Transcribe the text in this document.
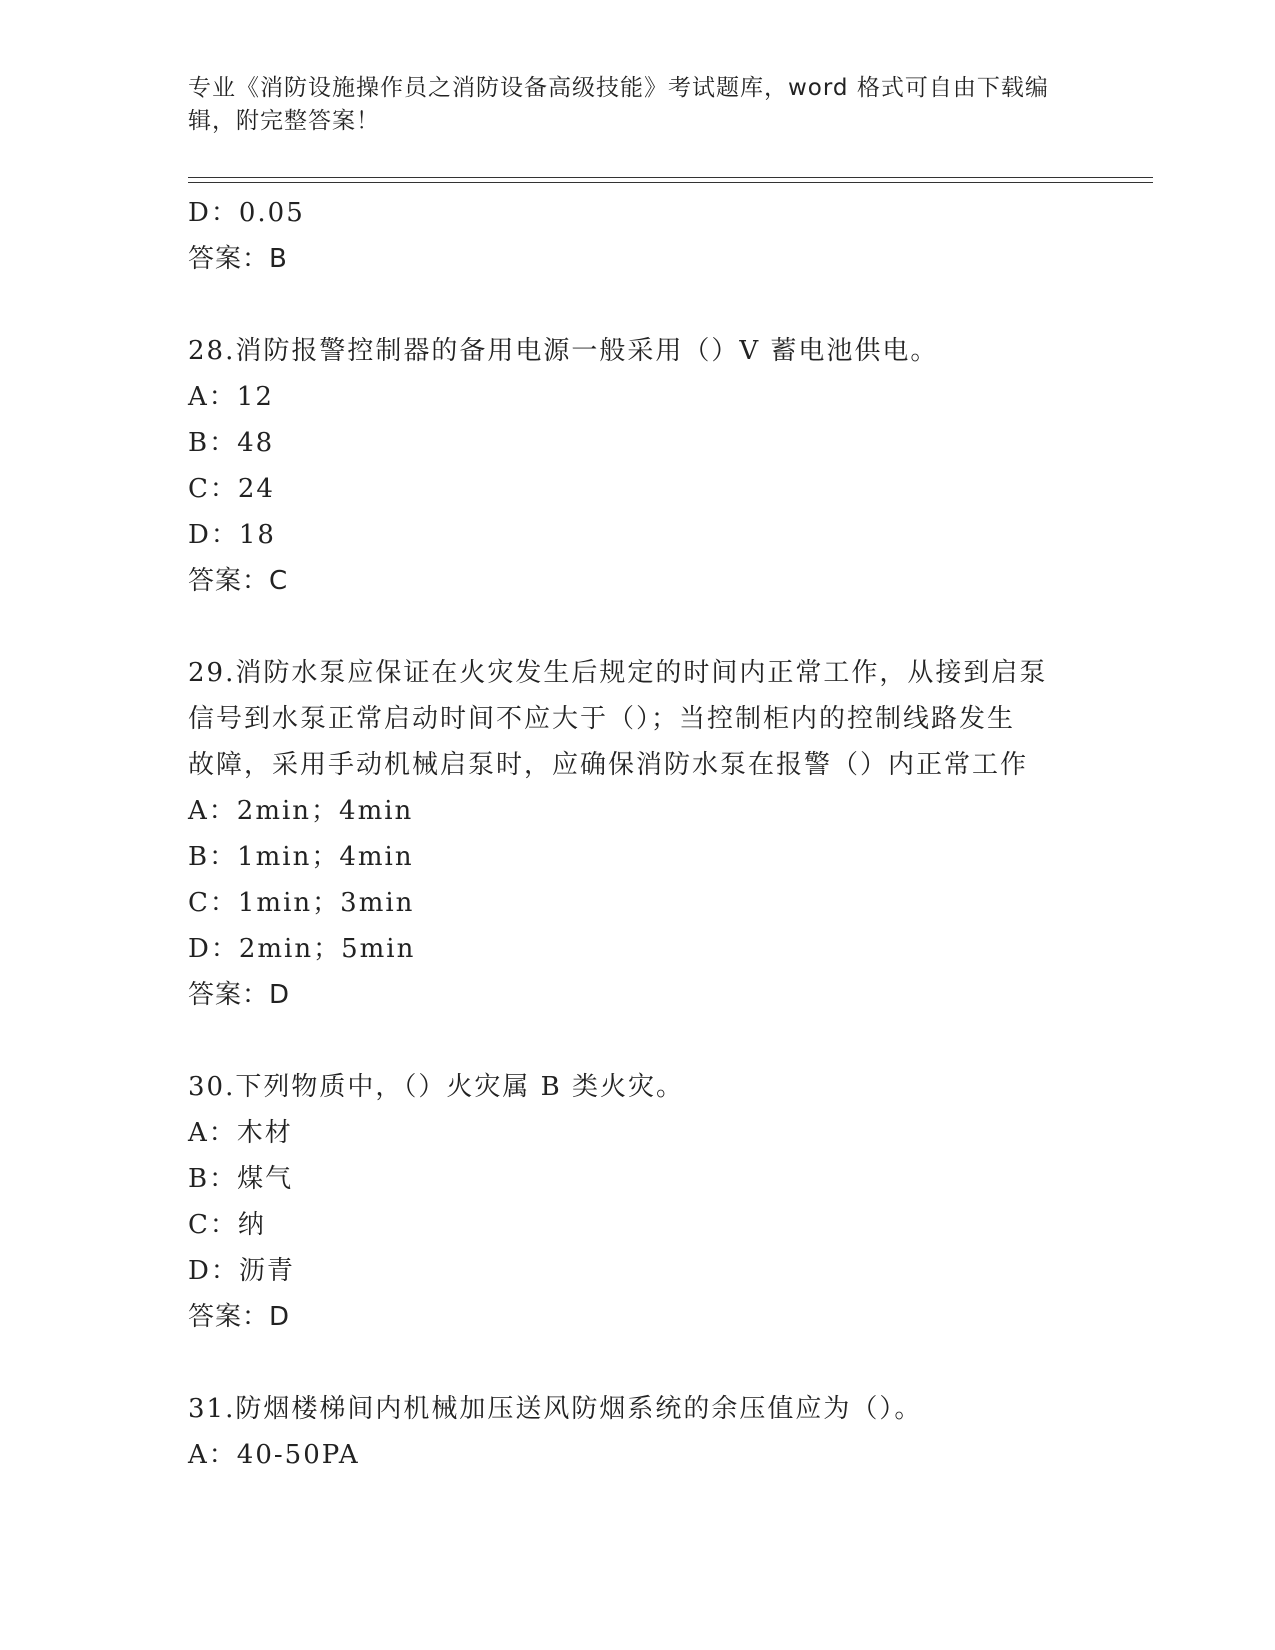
专业《消防设施操作员之消防设备高级技能》考试题库，word 格式可自由下载编
辑，附完整答案！
D：0.05
答案：B
28.消防报警控制器的备用电源一般采用（）V 蓄电池供电。
A：12
B：48
C：24
D：18
答案：C
29.消防水泵应保证在火灾发生后规定的时间内正常工作，从接到启泵
信号到水泵正常启动时间不应大于（）；当控制柜内的控制线路发生
故障，采用手动机械启泵时，应确保消防水泵在报警（）内正常工作
A：2min；4min
B：1min；4min
C：1min；3min
D：2min；5min
答案：D
30.下列物质中，（）火灾属 B 类火灾。
A：木材
B：煤气
C：纳
D：沥青
答案：D
31.防烟楼梯间内机械加压送风防烟系统的余压值应为（）。
A：40-50PA
